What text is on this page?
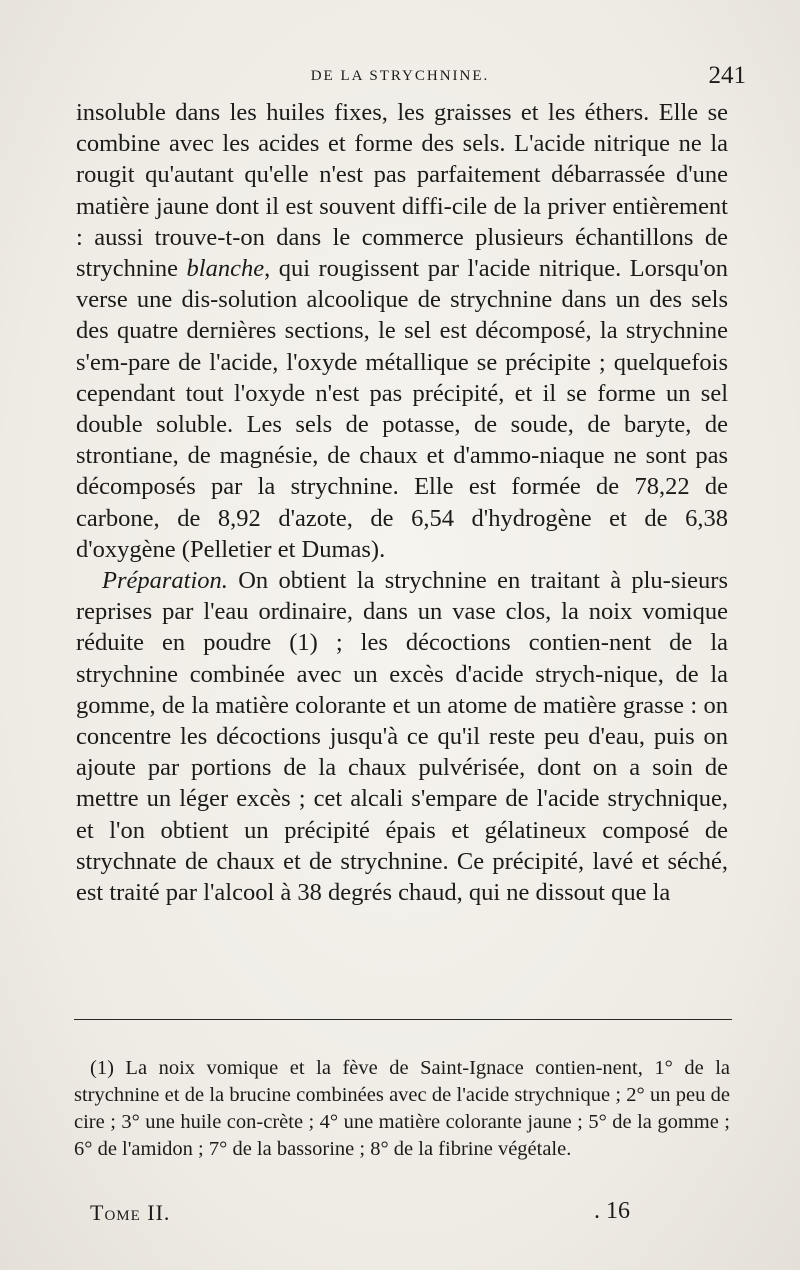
DE LA STRYCHNINE.	241

insoluble dans les huiles fixes, les graisses et les éthers. Elle se combine avec les acides et forme des sels. L'acide nitrique ne la rougit qu'autant qu'elle n'est pas parfaitement débarrassée d'une matière jaune dont il est souvent diffi-cile de la priver entièrement : aussi trouve-t-on dans le commerce plusieurs échantillons de strychnine blanche, qui rougissent par l'acide nitrique. Lorsqu'on verse une dis-solution alcoolique de strychnine dans un des sels des quatre dernières sections, le sel est décomposé, la strychnine s'em-pare de l'acide, l'oxyde métallique se précipite ; quelquefois cependant tout l'oxyde n'est pas précipité, et il se forme un sel double soluble. Les sels de potasse, de soude, de baryte, de strontiane, de magnésie, de chaux et d'ammo-niaque ne sont pas décomposés par la strychnine. Elle est formée de 78,22 de carbone, de 8,92 d'azote, de 6,54 d'hydrogène et de 6,38 d'oxygène (Pelletier et Dumas).

Préparation. On obtient la strychnine en traitant à plu-sieurs reprises par l'eau ordinaire, dans un vase clos, la noix vomique réduite en poudre (1) ; les décoctions contien-nent de la strychnine combinée avec un excès d'acide strych-nique, de la gomme, de la matière colorante et un atome de matière grasse : on concentre les décoctions jusqu'à ce qu'il reste peu d'eau, puis on ajoute par portions de la chaux pulvérisée, dont on a soin de mettre un léger excès ; cet alcali s'empare de l'acide strychnique, et l'on obtient un précipité épais et gélatineux composé de strychnate de chaux et de strychnine. Ce précipité, lavé et séché, est traité par l'alcool à 38 degrés chaud, qui ne dissout que la

(1) La noix vomique et la fève de Saint-Ignace contien-nent, 1° de la strychnine et de la brucine combinées avec de l'acide strychnique ; 2° un peu de cire ; 3° une huile con-crète ; 4° une matière colorante jaune ; 5° de la gomme ; 6° de l'amidon ; 7° de la bassorine ; 8° de la fibrine végétale.

Tome II.	. 16
